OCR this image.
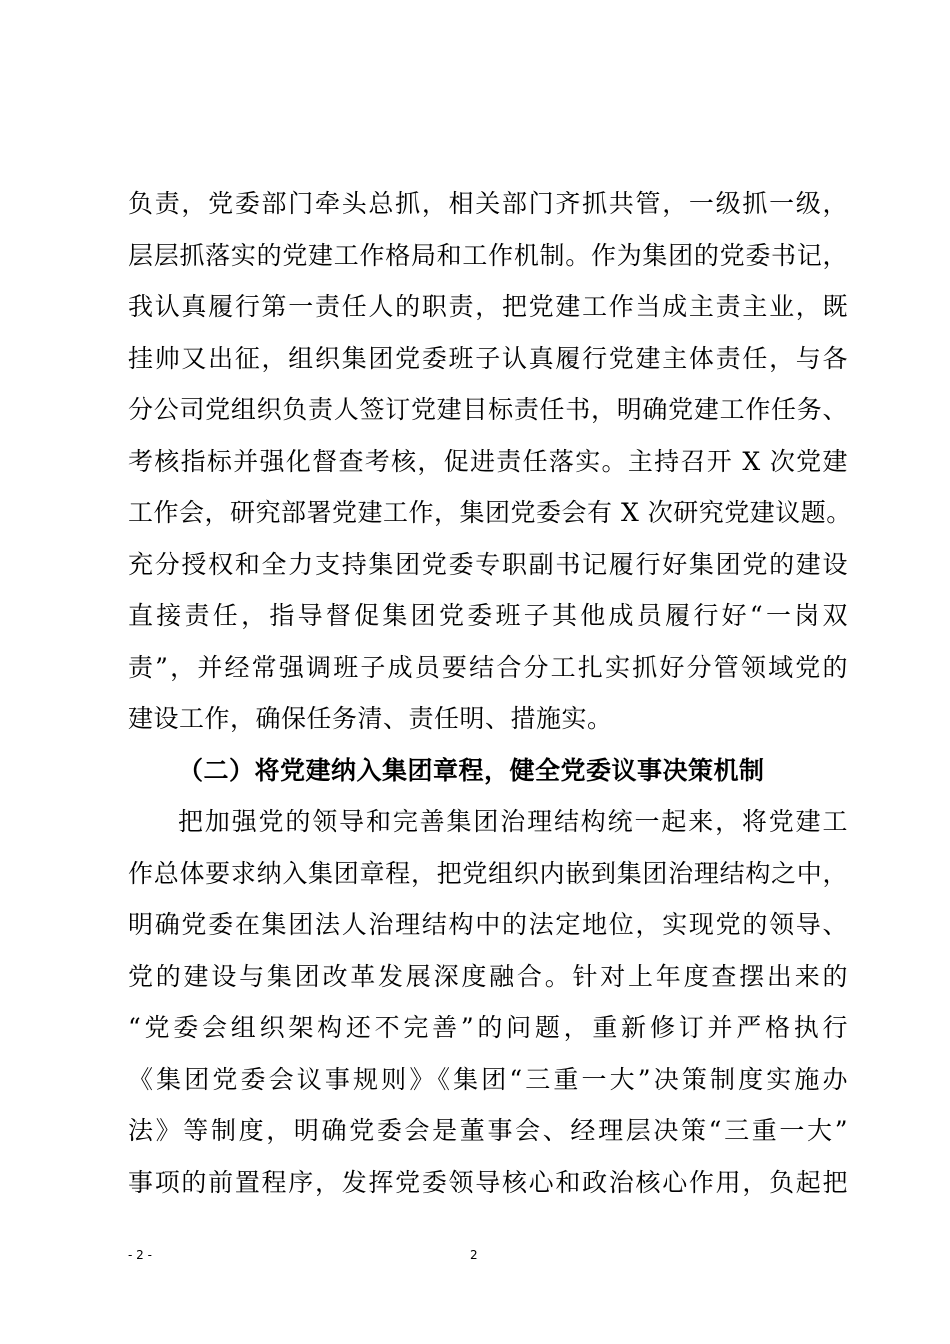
负责，党委部门牵头总抓，相关部门齐抓共管，一级抓一级，
层层抓落实的党建工作格局和工作机制。作为集团的党委书记，
我认真履行第一责任人的职责，把党建工作当成主责主业，既
挂帅又出征，组织集团党委班子认真履行党建主体责任，与各
分公司党组织负责人签订党建目标责任书，明确党建工作任务、
考核指标并强化督查考核，促进责任落实。主持召开 X 次党建
工作会，研究部署党建工作，集团党委会有 X 次研究党建议题。
充分授权和全力支持集团党委专职副书记履行好集团党的建设
直接责任，指导督促集团党委班子其他成员履行好“一岗双
责”，并经常强调班子成员要结合分工扎实抓好分管领域党的
建设工作，确保任务清、责任明、措施实。
（二）将党建纳入集团章程，健全党委议事决策机制
把加强党的领导和完善集团治理结构统一起来，将党建工
作总体要求纳入集团章程，把党组织内嵌到集团治理结构之中，
明确党委在集团法人治理结构中的法定地位，实现党的领导、
党的建设与集团改革发展深度融合。针对上年度查摆出来的
“党委会组织架构还不完善”的问题，重新修订并严格执行
《集团党委会议事规则》《集团“三重一大”决策制度实施办
法》等制度，明确党委会是董事会、经理层决策“三重一大”
事项的前置程序，发挥党委领导核心和政治核心作用，负起把
- 2 -	2
